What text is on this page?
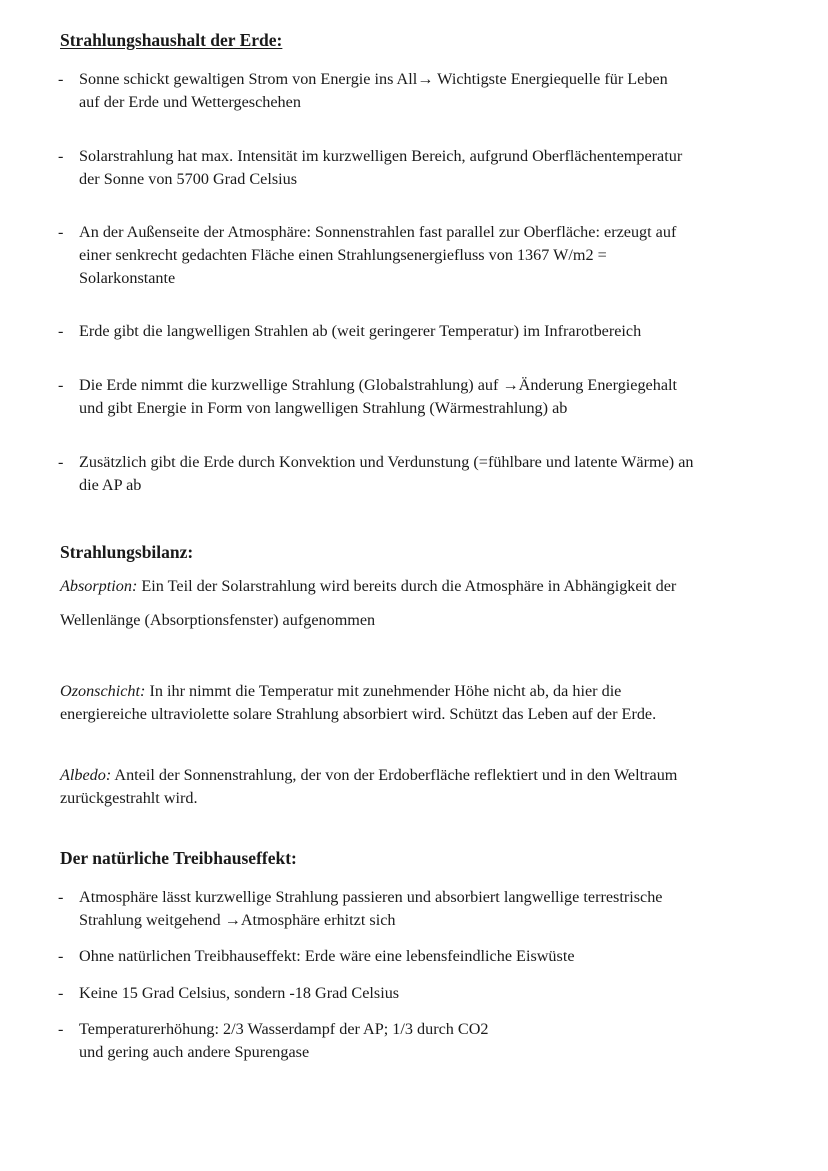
Strahlungshaushalt der Erde:
- Sonne schickt gewaltigen Strom von Energie ins All→ Wichtigste Energiequelle für Leben
auf der Erde und Wettergeschehen
- Solarstrahlung hat max. Intensität im kurzwelligen Bereich, aufgrund Oberflächentemperatur
der Sonne von 5700 Grad Celsius
- An der Außenseite der Atmosphäre: Sonnenstrahlen fast parallel zur Oberfläche: erzeugt auf
einer senkrecht gedachten Fläche einen Strahlungsenergiefluss von 1367 W/m2 =
Solarkonstante
- Erde gibt die langwelligen Strahlen ab (weit geringerer Temperatur) im Infrarotbereich
- Die Erde nimmt die kurzwellige Strahlung (Globalstrahlung) auf →Änderung Energiegehalt
und gibt Energie in Form von langwelligen Strahlung (Wärmestrahlung) ab
- Zusätzlich gibt die Erde durch Konvektion und Verdunstung (=fühlbare und latente Wärme) an
die AP ab
Strahlungsbilanz:
Absorption: Ein Teil der Solarstrahlung wird bereits durch die Atmosphäre in Abhängigkeit der
Wellenlänge (Absorptionsfenster) aufgenommen
Ozonschicht: In ihr nimmt die Temperatur mit zunehmender Höhe nicht ab, da hier die
energiereiche ultraviolette solare Strahlung absorbiert wird. Schützt das Leben auf der Erde.
Albedo: Anteil der Sonnenstrahlung, der von der Erdoberfläche reflektiert und in den Weltraum
zurückgestrahlt wird.
Der natürliche Treibhauseffekt:
- Atmosphäre lässt kurzwellige Strahlung passieren und absorbiert langwellige terrestrische
Strahlung weitgehend →Atmosphäre erhitzt sich
- Ohne natürlichen Treibhauseffekt: Erde wäre eine lebensfeindliche Eiswüste
- Keine 15 Grad Celsius, sondern -18 Grad Celsius
- Temperaturerhöhung: 2/3 Wasserdampf der AP; 1/3 durch CO2
und gering auch andere Spurengase
